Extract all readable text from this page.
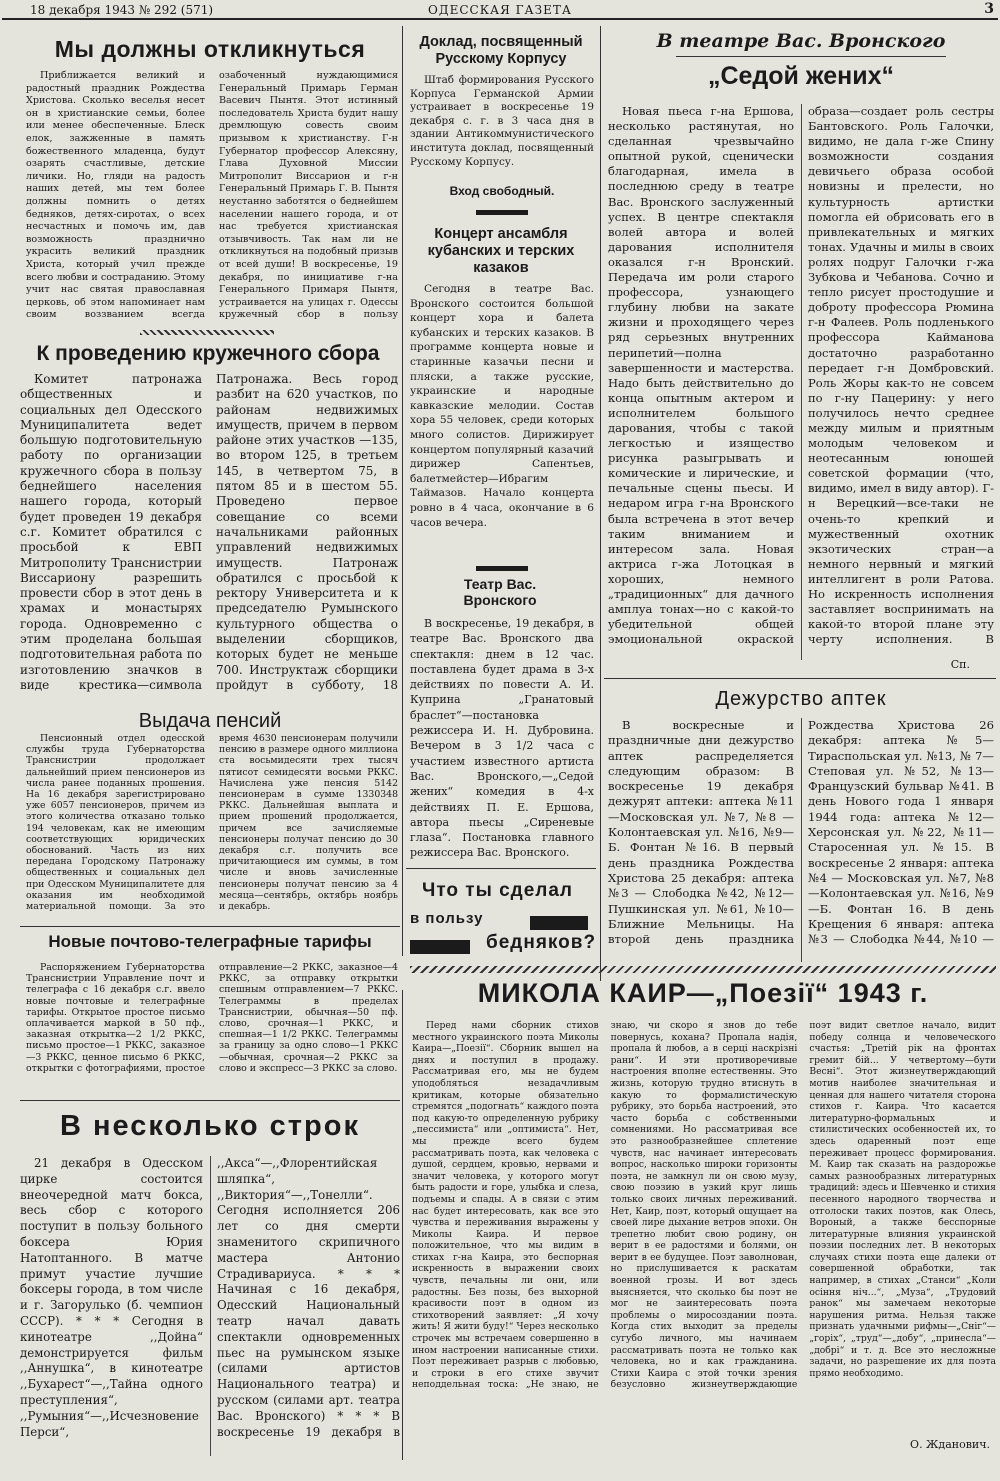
18 декабря 1943 № 292 (571)	ОДЕССКАЯ ГАЗЕТА	3
Мы должны откликнуться

Приближается великий и радостный праздник Рождества Христова. Сколько веселья несет он в христианские семьи, более или менее обеспеченные. Блеск елок, зажженные в память божественного младенца, будут озарять счастливые, детские личики. Но, гляди на радость наших детей, мы тем более должны помнить о детях бедняков, детях-сиротах, о всех несчастных и помочь им, дав возможность празднично украсить великий праздник Христа, который учил прежде всего любви и состраданию. Этому учит нас святая православная церковь, об этом напоминает нам своим воззванием всегда озабоченный нуждающимися Генеральный Примарь Герман Васевич Пынтя. Этот истинный последователь Христа будит нашу дремлющую совесть своим призывом к христианству. Г-н Губернатор профессор Алексяну, Глава Духовной Миссии Митрополит Виссарион и г-н Генеральный Примарь Г. В. Пынтя неустанно заботятся о беднейшем населении нашего города, и от нас требуется христианская отзывчивость. Так нам ли не откликнуться на подобный призыв от всей души! В воскресенье, 19 декабря, по инициативе г-на Генерального Примаря Пынтя, устраивается на улицах г. Одессы кружечный сбор в пользу

К проведению кружечного сбора

Комитет патронажа общественных и социальных дел Одесского Муниципалитета ведет большую подготовительную работу по организации кружечного сбора в пользу беднейшего населения нашего города, который будет проведен 19 декабря с.г. Комитет обратился с просьбой к ЕВП Митрополиту Транснистрии Виссариону разрешить провести сбор в этот день в храмах и монастырях города. Одновременно с этим проделана большая подготовительная работа по изготовлению значков в виде крестика—символа Патронажа. Весь город разбит на 620 участков, по районам недвижимых имуществ, причем в первом районе этих участков —135, во втором 125, в третьем 145, в четвертом 75, в пятом 85 и в шестом 55. Проведено первое совещание со всеми начальниками районных управлений недвижимых имуществ. Патронаж обратился с просьбой к ректору Университета и к председателю Румынского культурного общества о выделении сборщиков, которых будет не меньше 700. Инструктаж сборщики пройдут в субботу, 18

Выдача пенсий

Пенсионный отдел одесской службы труда Губернаторства Транснистрии продолжает дальнейший прием пенсионеров из числа ранее поданных прошения. На 16 декабря зарегистрировано уже 6057 пенсионеров, причем из этого количества отказано только 194 человекам, как не имеющим соответствующих юридических обоснований. Часть из них передана Городскому Патронажу общественных и социальных дел при Одесском Муниципалитете для оказания им необходимой материальной помощи. За это время 4630 пенсионерам получили пенсию в размере одного миллиона ста восьмидесяти трех тысяч пятисот семидесяти восьми РККС. Начислена уже пенсия 5142 пенсионерам в сумме 1330348 РККС. Дальнейшая выплата и прием прошений продолжается, причем все зачисляемые пенсионеры получат пенсию до 30 декабря с.г. получить все причитающиеся им суммы, в том числе и вновь зачисленные пенсионеры получат пенсию за 4 месяца—сентябрь, октябрь ноябрь и декабрь.

Новые почтово-телеграфные тарифы

Распоряжением Губернаторства Транснистрии Управление почт и телеграфа с 16 декабря с.г. ввело новые почтовые и телеграфные тарифы. Открытое простое письмо оплачивается маркой в 50 пф., заказная открытка—2 1/2 РККС, письмо простое—1 РККС, заказное—3 РККС, ценное письмо 6 РККС, открытки с фотографиями, простое отправление—2 РККС, заказное—4 РККС, за отправку открытки спешным отправлением—7 РККС. Телеграммы в пределах Транснистрии, обычная—50 пф. слово, срочная—1 РККС, и спешная—1 1/2 РККС. Телеграммы за границу за одно слово—1 РККС—обычная, срочная—2 РККС за слово и экспресс—3 РККС за слово.

В несколько строк

21 декабря в Одесском цирке состоится внеочередной матч бокса, весь сбор с которого поступит в пользу больного боксера Юрия Натоптанного. В матче примут участие лучшие боксеры города, в том числе и г. Загорулько (б. чемпион СССР). * * * Сегодня в кинотеатре ,,Дойна“ демонстрируется фильм ,,Аннушка“, в кинотеатре ,,Бухарест“—,,Тайна одного преступления“, ,,Румыния“—,,Исчезновение Перси“, ,,Акса“—,,Флорентийская шляпка“, ,,Виктория“—,,Тонелли“. Сегодня исполняется 206 лет со дня смерти знаменитого скрипичного мастера Антонио Страдивариуса. * * * Начиная с 16 декабря, Одесский Национальный театр начал давать спектакли одновременных пьес на румынском языке (силами артистов Национального театра) и русском (силами арт. театра Вас. Вронского) * * * В воскресенье 19 декабря в

Доклад, посвященный Русскому Корпусу

Штаб формирования Русского Корпуса Германской Армии устраивает в воскресенье 19 декабря с. г. в 3 часа дня в здании Антикоммунистического института доклад, посвященный Русскому Корпусу.

Вход свободный.
Концерт ансамбля кубанских и терских казаков

Сегодня в театре Вас. Вронского состоится большой концерт хора и балета кубанских и терских казаков. В программе концерта новые и старинные казачьи песни и пляски, а также русские, украинские и народные кавказские мелодии. Состав хора 55 человек, среди которых много солистов. Дирижирует концертом популярный казачий дирижер Сапентьев, балетмейстер—Ибрагим Таймазов. Начало концерта ровно в 4 часа, окончание в 6 часов вечера.

Театр Вас. Вронского

В воскресенье, 19 декабря, в театре Вас. Вронского два спектакля: днем в 12 час. поставлена будет драма в 3-х действиях по повести А. И. Куприна „Гранатовый браслет“—постановка режиссера И. Н. Дубровина. Вечером в 3 1/2 часа с участием известного артиста Вас. Вронского,—„Седой жених“ комедия в 4-х действиях П. Е. Ершова, автора пьесы „Сиреневые глаза“. Постановка главного режиссера Вас. Вронского.

Что ты сделал
в пользу
бедняков?
В театре Вас. Вронского
„Седой жених“

Новая пьеса г-на Ершова, несколько растянутая, но сделанная чрезвычайно опытной рукой, сценически благодарная, имела в последнюю среду в театре Вас. Вронского заслуженный успех. В центре спектакля волей автора и волей дарования исполнителя оказался г-н Вронский. Передача им роли старого профессора, узнающего глубину любви на закате жизни и проходящего через ряд серьезных внутренних перипетий—полна завершенности и мастерства. Надо быть действительно до конца опытным актером и исполнителем большого дарования, чтобы с такой легкостью и изящество рисунка разыгрывать и комические и лирические, и печальные сцены пьесы. И недаром игра г-на Вронского была встречена в этот вечер таким вниманием и интересом зала. Новая актриса г-жа Лотоцкая в хороших, немного „традиционных“ для дачного амплуа тонах—но с какой-то убедительной общей эмоциональной окраской образа—создает роль сестры Бантовского. Роль Галочки, видимо, не дала г-же Спину возможности создания девичьего образа особой новизны и прелести, но культурность артистки помогла ей обрисовать его в привлекательных и мягких тонах. Удачны и милы в своих ролях подруг Галочки г-жа Зубкова и Чебанова. Сочно и тепло рисует простодушие и доброту профессора Рюмина г-н Фалеев. Роль подленького профессора Каймановa достаточно разработанно передает г-н Домбровский. Роль Жоры как-то не совсем по г-ну Пацерину: у него получилось нечто среднее между милым и приятным молодым человеком и неотесанным юношей советской формации (что, видимо, имел в виду автор). Г-н Верецкий—все-таки не очень-то крепкий и мужественный охотник экзотических стран—а немного нервный и мягкий интеллигент в роли Ратова. Но искренность исполнения заставляет воспринимать на какой-то второй плане эту черту исполнения. В

Сп.
Дежурство аптек

В воскресные и праздничные дни дежурство аптек распределяется следующим образом: В воскресенье 19 декабря дежурят аптеки: аптека №11—Московская ул. №7, №8 — Колонтаевская ул. №16, №9—Б. Фонтан №16. В первый день праздника Рождества Христова 25 декабря: аптека №3 — Слободка №42, №12—Пушкинская ул. №61, №10—Ближние Мельницы. На второй день праздника Рождества Христова 26 декабря: аптека №5—Тираспольская ул. №13, № 7—Степовая ул. №52, №13—Французский бульвар №41. В день Нового года 1 января 1944 года: аптека №12—Херсонская ул. №22, №11—Старосенная ул. №15. В воскресенье 2 января: аптека №4 — Московская ул. №7, №8—Колонтаевская ул. №16, №9—Б. Фонтан 16. В день Крещения 6 января: аптека №3 — Слободка №44, №10 —

МИКОЛА КАИР—„Поезії“ 1943 г.

Перед нами сборник стихов местного украинского поэта Миколы Каира—„Поезії“. Сборник вышел на днях и поступил в продажу. Рассматривая его, мы не будем уподобляться незадачливым критикам, которые обязательно стремятся „подогнать“ каждого поэта под какую-то определенную рубрику „пессимиста“ или „оптимиста“. Нет, мы прежде всего будем рассматривать поэта, как человека с душой, сердцем, кровью, нервами и значит человека, у которого могут быть радости и горе, улыбка и слеза, подъемы и спады. А в связи с этим нас будет интересовать, как все это чувства и переживания выражены у Миколы Каира. И первое положительное, что мы видим в стихах г-на Каира, это беспорная искренность в выражении своих чувств, печальны ли они, или радостны. Без позы, без выхорной красивости поэт в одном из стихотворений заявляет: „Я хочу жить! Я жити буду!“ Через несколько строчек мы встречаем совершенно в ином настроении написанные стихи. Поэт переживает разрыв с любовью, и строки в его стихе звучит неподдельная тоска: „Не знаю, не знаю, чи скоро я знов до тебе повернусь, кохана? Пропала надія, пропала й любов, а в серці наскрізні рани“. И эти противоречивые настроения вполне естественны. Это жизнь, которую трудно втиснуть в какую то формалистическую рубрику, это борьба настроений, это часто борьба с собственными сомнениями. Но рассматривая все это разнообразнейшее сплетение чувств, нас начинает интересовать вопрос, насколько широки горизонты поэта, не замкнул ли он свою музу, свою поэзию в узкий круг лишь только своих личных переживаний. Нет, Каир, поэт, который ощущает на своей лире дыхание ветров эпохи. Он трепетно любит свою родину, он верит в ее радостями и болями, он верит в ее будущее. Поэт заволнован, но прислушивается к раскатам военной грозы. И вот здесь выясняется, что сколько бы поэт не мог не заинтересовать поэта проблемы о миросоздании поэта. Когда стих выходит за пределы сугубо личного, мы начинаем рассматривать поэта не только как человека, но и как гражданина. Стихи Каира с этой точки зрения безусловно жизнеутверждающие поэт видит светлое начало, видит победу солнца и человеческого счастья: „Третій рік на фронтах гремит бій... У четвертому—бути Весні“. Этот жизнеутверждающий мотив наиболее значительная и ценная для нашего читателя сторона стихов г. Каира. Что касается литературно-формальных и стилистических особенностей их, то здесь одаренный поэт еще переживает процесс формирования. М. Каир так сказать на раздорожье самых разнообразных литературных традиций: здесь и Шевченко и стихия песенного народного творчества и отголоски таких поэтов, как Олесь, Вороный, а также бесспорные литературные влияния украинской поэзии последних лет. В некоторых случаях стихи поэта еще далеки от совершенной обработки, так например, в стихах „Станси“ „Коли осіння ніч...“, „Муза“, „Трудовий ранок“ мы замечаем некоторые нарушения ритма. Нельзя также признать удачными рифмы—„Сніг“—„горіх“, „труд“—„добу“, „принесла“—„добрі“ и т. д. Все это несложные задачи, но разрешение их для поэта прямо необходимо.

О. Жданович.
